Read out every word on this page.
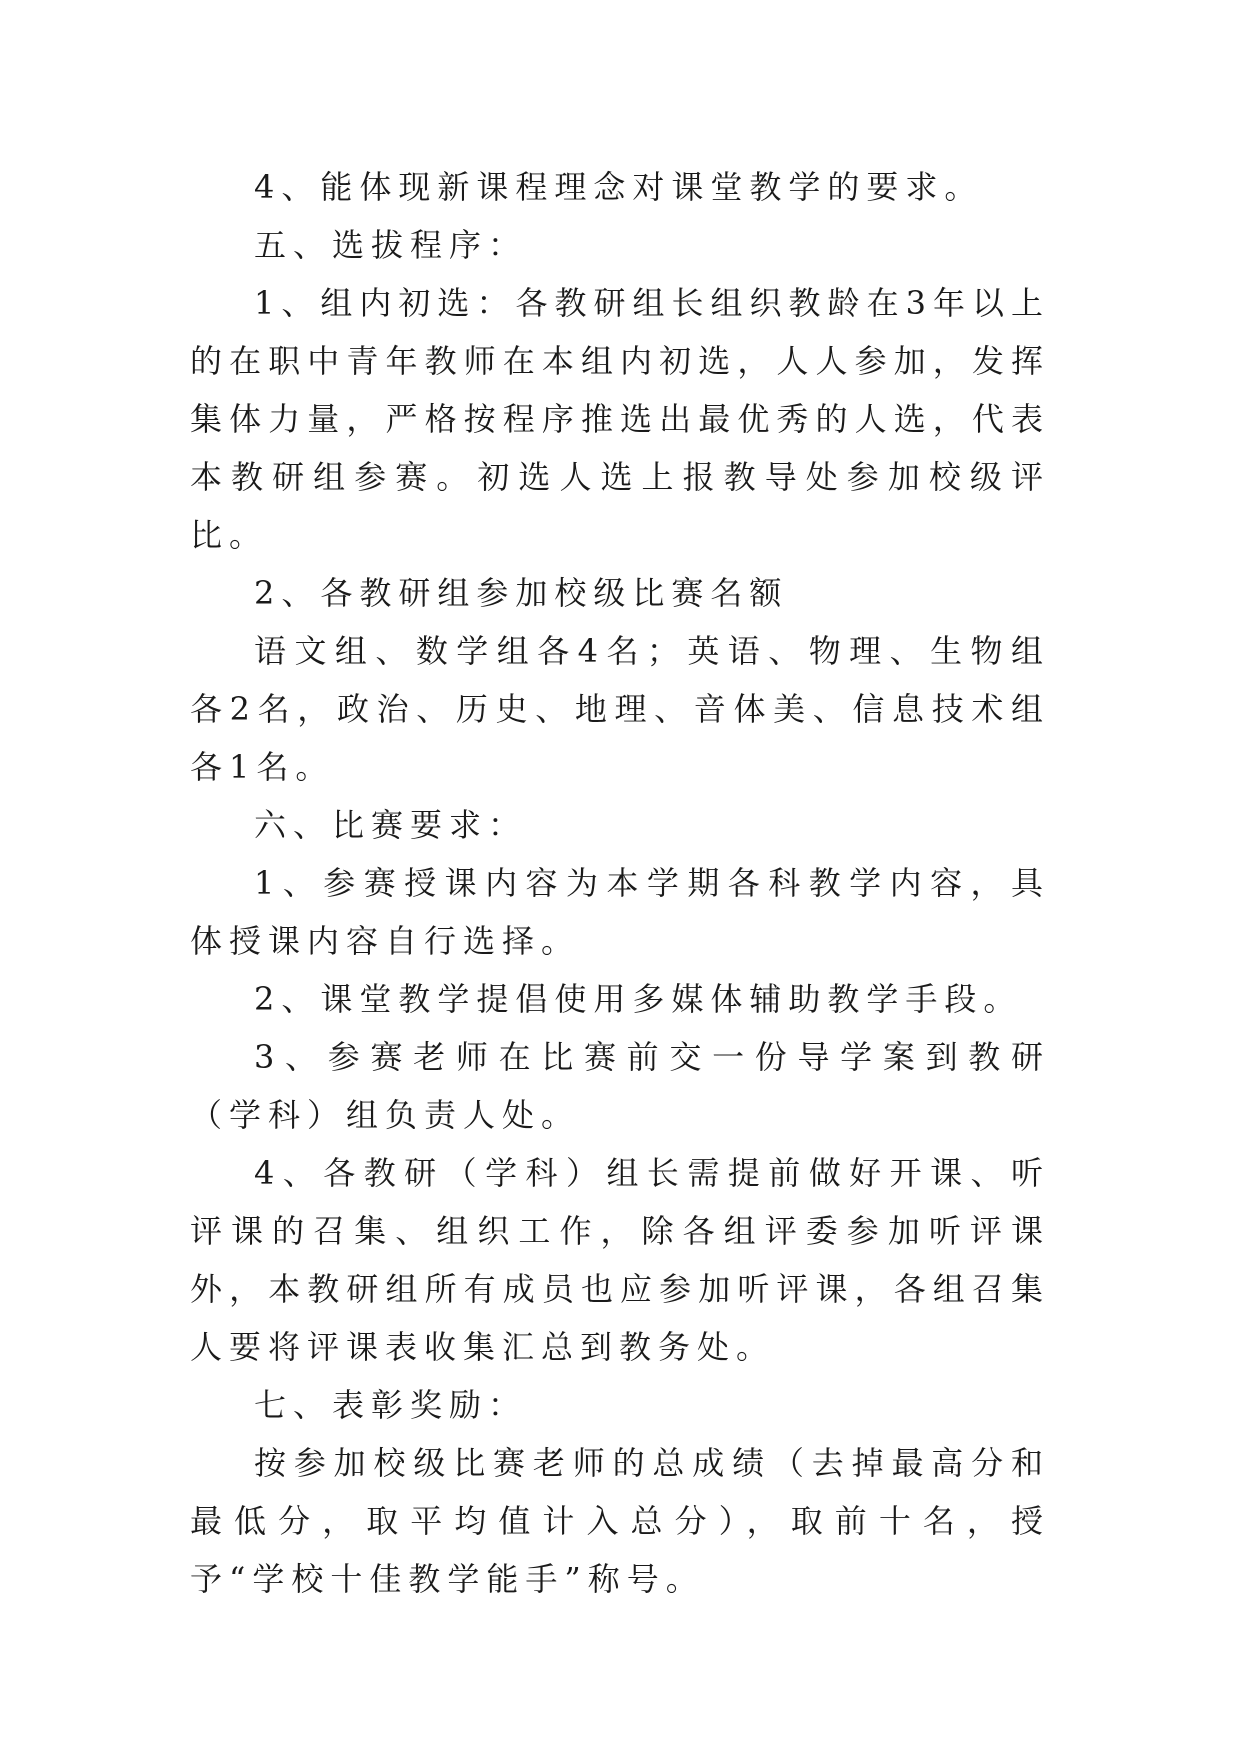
4、能体现新课程理念对课堂教学的要求。

五、选拔程序：

1、组内初选：各教研组长组织教龄在3年以上的在职中青年教师在本组内初选，人人参加，发挥集体力量，严格按程序推选出最优秀的人选，代表本教研组参赛。初选人选上报教导处参加校级评比。

2、各教研组参加校级比赛名额

语文组、数学组各4名；英语、物理、生物组各2名，政治、历史、地理、音体美、信息技术组各1名。

六、比赛要求：

1、参赛授课内容为本学期各科教学内容，具体授课内容自行选择。

2、课堂教学提倡使用多媒体辅助教学手段。

3、参赛老师在比赛前交一份导学案到教研（学科）组负责人处。

4、各教研（学科）组长需提前做好开课、听评课的召集、组织工作，除各组评委参加听评课外，本教研组所有成员也应参加听评课，各组召集人要将评课表收集汇总到教务处。

七、表彰奖励：

按参加校级比赛老师的总成绩（去掉最高分和最低分，取平均值计入总分），取前十名，授予“学校十佳教学能手”称号。
